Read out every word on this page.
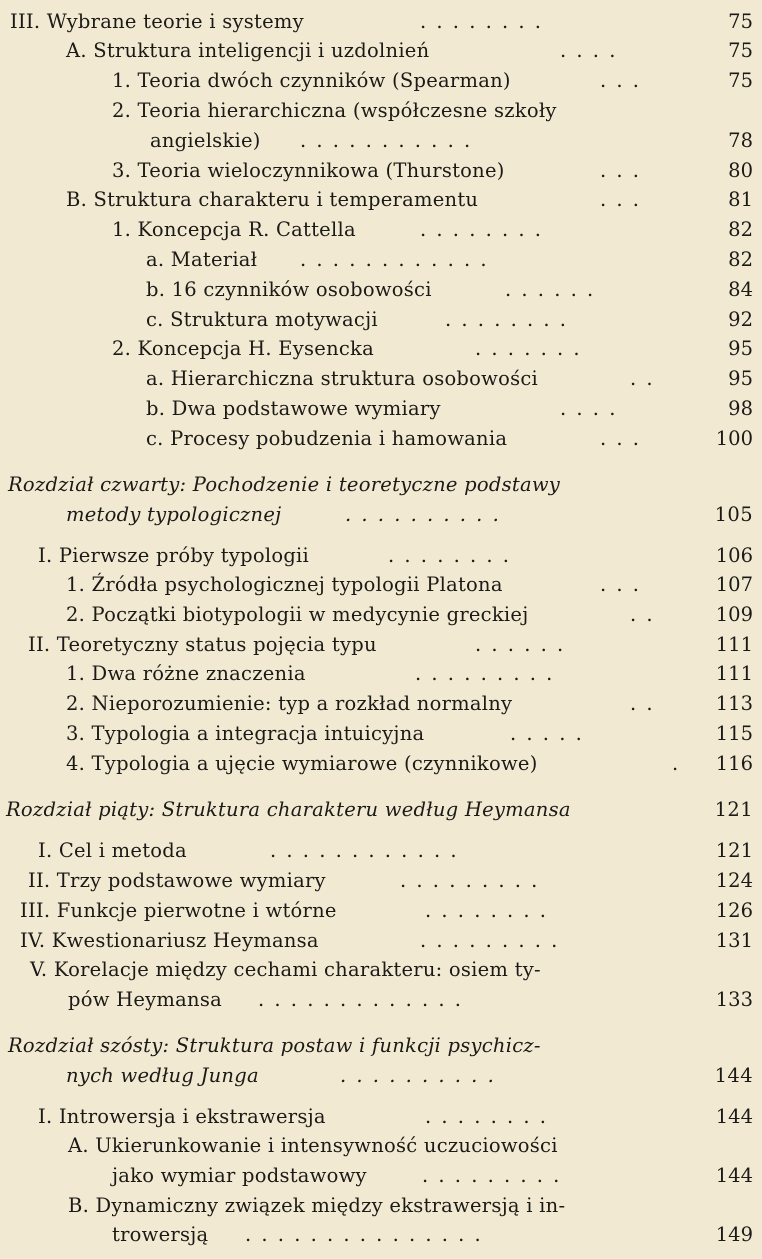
III. Wybrane teorie i systemy	. . . . . . . .	75
A. Struktura inteligencji i uzdolnień	. . . .	75
1. Teoria dwóch czynników (Spearman)	. . .	75
2. Teoria hierarchiczna (współczesne szkoły
angielskie) . . . . . . . . . . .	78
3. Teoria wieloczynnikowa (Thurstone)	. . .	80
B. Struktura charakteru i temperamentu	. . .	81
1. Koncepcja R. Cattella	. . . . . . . .	82
a. Materiał . . . . . . . . . . . .	82
b. 16 czynników osobowości	. . . . . .	84
c. Struktura motywacji	. . . . . . . .	92
2. Koncepcja H. Eysencka	. . . . . . .	95
a. Hierarchiczna struktura osobowości	. .	95
b. Dwa podstawowe wymiary	. . . .	98
c. Procesy pobudzenia i hamowania	. . .	100
Rozdział czwarty: Pochodzenie i teoretyczne podstawy
metody typologicznej	. . . . . . . . . .	105
I. Pierwsze próby typologii	. . . . . . . .	106
1. Źródła psychologicznej typologii Platona	. . .	107
2. Początki biotypologii w medycynie greckiej	. .	109
II. Teoretyczny status pojęcia typu	. . . . . .	111
1. Dwa różne znaczenia	. . . . . . . . .	111
2. Nieporozumienie: typ a rozkład normalny	. .	113
3. Typologia a integracja intuicyjna	. . . . .	115
4. Typologia a ujęcie wymiarowe (czynnikowe)	. 116
Rozdział piąty: Struktura charakteru według Heymansa	121
I. Cel i metoda	. . . . . . . . . . . .	121
II. Trzy podstawowe wymiary	. . . . . . . . .	124
III. Funkcje pierwotne i wtórne	. . . . . . . .	126
IV. Kwestionariusz Heymansa	. . . . . . . . .	131
V. Korelacje między cechami charakteru: osiem ty-
pów Heymansa . . . . . . . . . . . . .	133
Rozdział szósty: Struktura postaw i funkcji psychicz-
nych według Junga	. . . . . . . . . .	144
I. Introwersja i ekstrawersja	. . . . . . . .	144
A. Ukierunkowanie i intensywność uczuciowości
jako wymiar podstawowy	. . . . . . . . .	144
B. Dynamiczny związek między ekstrawersją i in-
trowersją . . . . . . . . . . . . . . .	149
